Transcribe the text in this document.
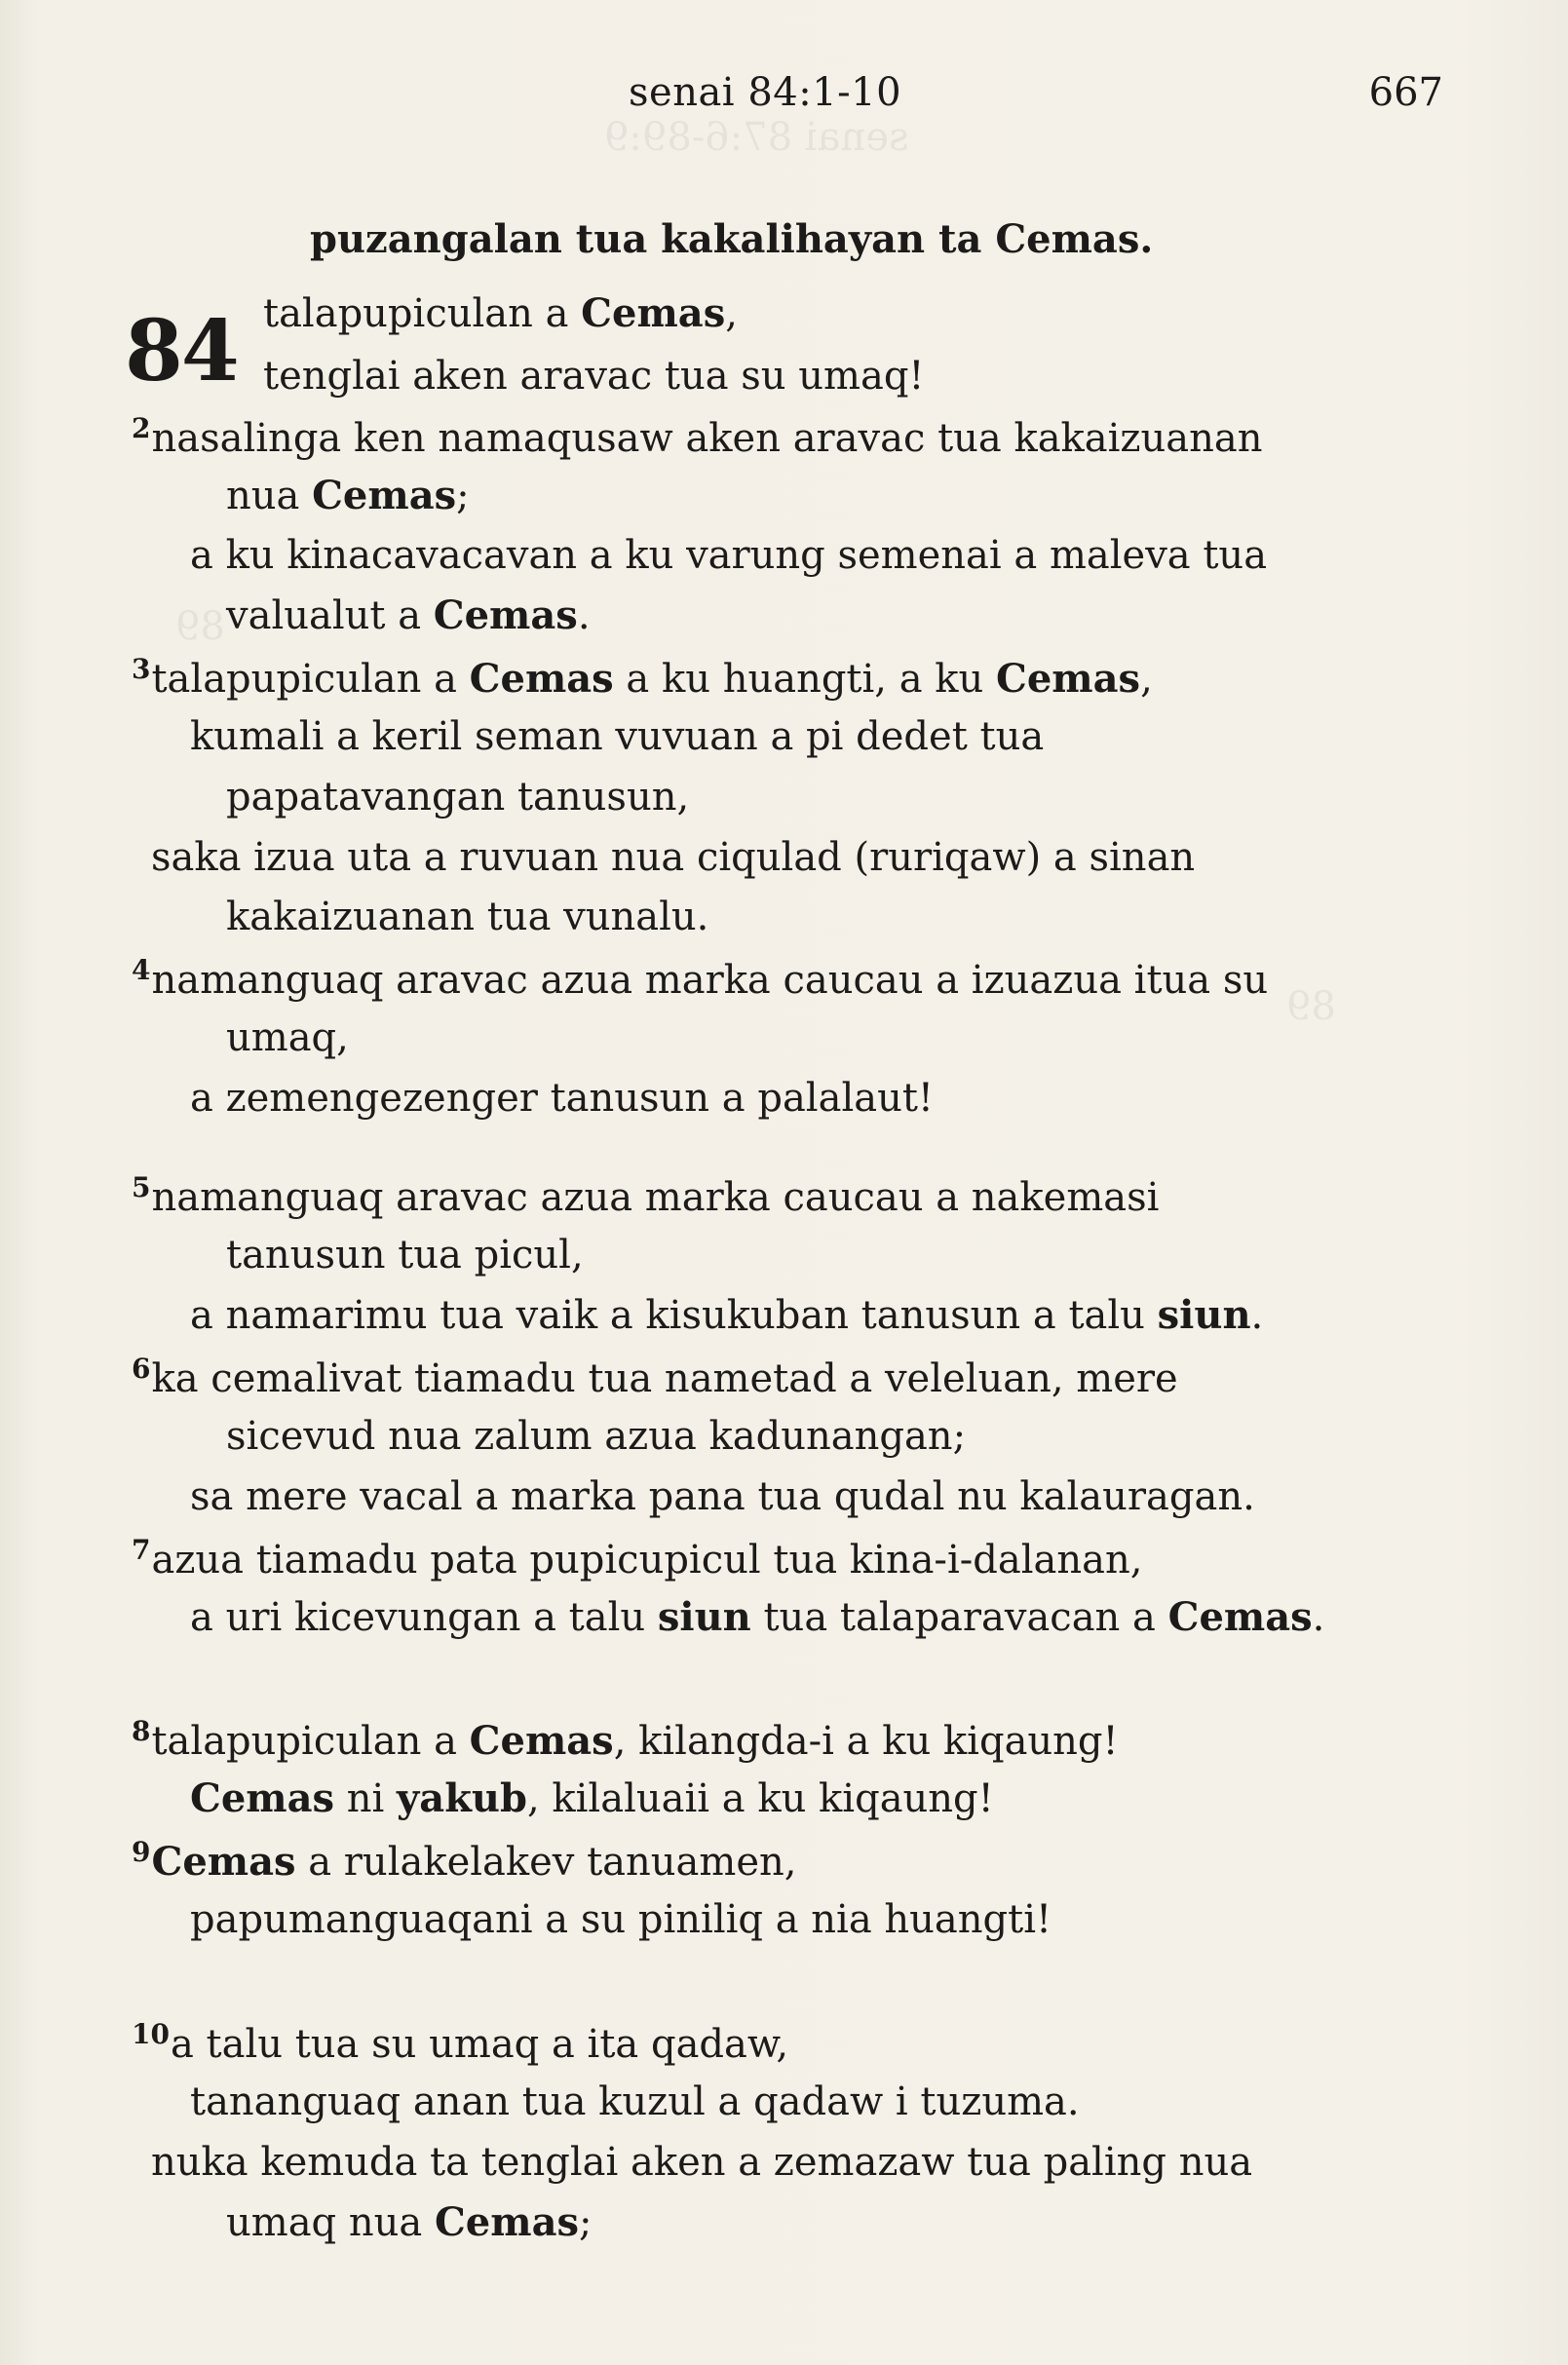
senai 84:1-10	667
puzangalan tua kakalihayan ta Cemas.
84 talapupiculan a Cemas,
tenglai aken aravac tua su umaq!
$^2$nasalinga ken namaqusaw aken aravac tua kakaizuanan
nua Cemas;
a ku kinacavacavan a ku varung semenai a maleva tua
valualut a Cemas.
$^3$talapupiculan a Cemas a ku huangti, a ku Cemas,
kumali a keril seman vuvuan a pi dedet tua
papatavangan tanusun,
saka izua uta a ruvuan nua ciqulad (ruriqaw) a sinan
kakaizuanan tua vunalu.
$^4$namanguaq aravac azua marka caucau a izuazua itua su
umaq,
a zemengezenger tanusun a palalaut!
$^5$namanguaq aravac azua marka caucau a nakemasi
tanusun tua picul,
a namarimu tua vaik a kisukuban tanusun a talu siun.
$^6$ka cemalivat tiamadu tua nametad a veleluan, mere
sicevud nua zalum azua kadunangan;
sa mere vacal a marka pana tua qudal nu kalauragan.
$^7$azua tiamadu pata pupicupicul tua kina-i-dalanan,
a uri kicevungan a talu siun tua talaparavacan a Cemas.
$^8$talapupiculan a Cemas, kilangda-i a ku kiqaung!
Cemas ni yakub, kilaluaii a ku kiqaung!
$^9$Cemas a rulakelakev tanuamen,
papumanguaqani a su piniliq a nia huangti!
$^{10}$a talu tua su umaq a ita qadaw,
tananguaq anan tua kuzul a qadaw i tuzuma.
nuka kemuda ta tenglai aken a zemazaw tua paling nua
umaq nua Cemas;
senai 87:6-89:9
89
89
